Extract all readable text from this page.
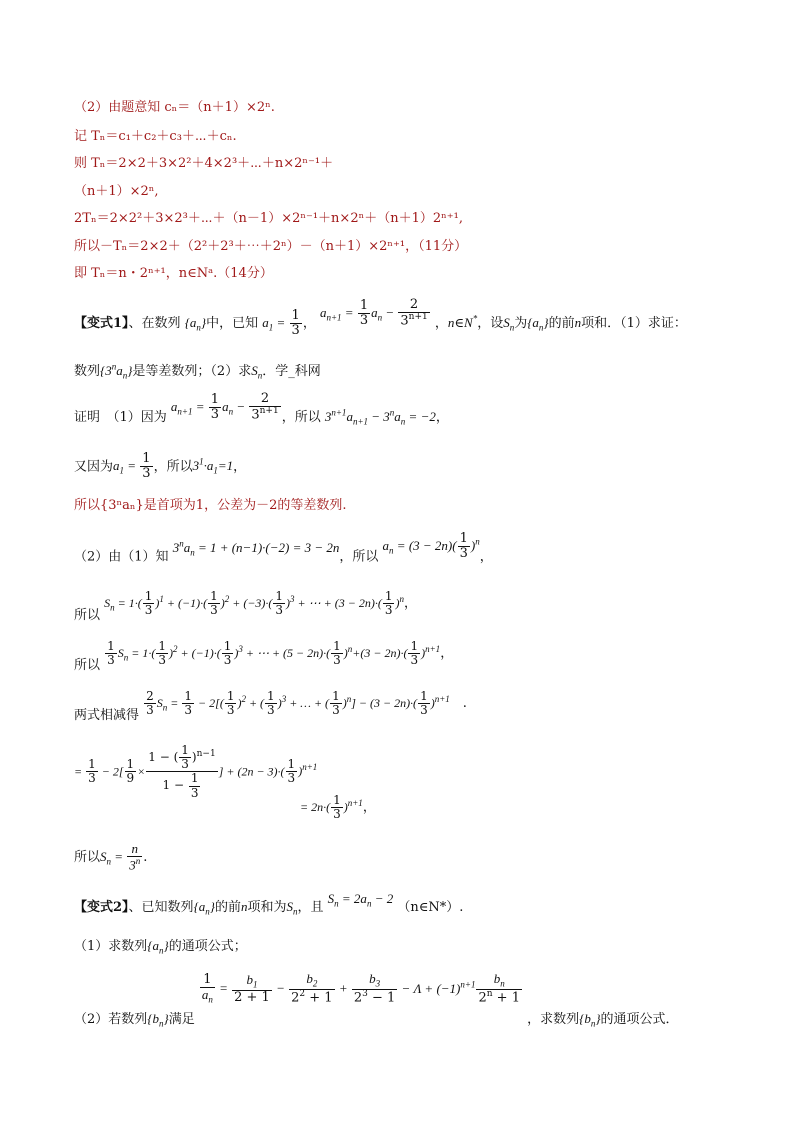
（2）由题意知 cₙ＝（n＋1）×2ⁿ.
记 Tₙ＝c₁＋c₂＋c₃＋⋯＋cₙ.
则 Tₙ＝2×2＋3×2²＋4×2³＋⋯＋n×2ⁿ⁻¹＋
（n＋1）×2ⁿ,
2Tₙ＝2×2²＋3×2³＋⋯＋（n－1）×2ⁿ⁻¹＋n×2ⁿ＋（n＋1）2ⁿ⁺¹,
所以－Tₙ＝2×2＋（2²＋2³＋⋯＋2ⁿ）－（n＋1）×2ⁿ⁺¹，（11分）
即 Tₙ＝n・2ⁿ⁺¹，n∈Nᵃ.（14分）
【变式1】、在数列 $\{a_n\}$中，已知 $a_1 = \frac{1}{3}$ ， $a_{n+1} = \frac{1}{3} a_n - \frac{2}{3^{n+1}}$ ，n∈N*，设$S_n$为$\{a_n\}$的前n项和．（1）求证：
数列$\{3^na_n\}$是等差数列；（2）求$S_n$．学_科网
证明　（1）因为 $a_{n+1} = \frac{1}{3} a_n - \frac{2}{3^{n+1}}$ ，所以 $3^{n+1}a_{n+1} - 3^na_n = -2$，
又因为$a_1 = \frac{1}{3}$ ，所以$3^1\cdot a_1=1$，
所以{3ⁿaₙ}是首项为1，公差为－2的等差数列.
（2）由（1）知 $3^na_n = 1 + (n-1)\cdot(-2) = 3 - 2n$，所以 $a_n = (3 - 2n)( \frac{1}{3} )^n$，
所以 $S_n = 1\cdot( \frac{1}{3} )^1 + (-1)\cdot( \frac{1}{3} )^2 + (-3)\cdot( \frac{1}{3} )^3$ + ⋯ + $(3 - 2n)\cdot( \frac{1}{3} )^n$，
所以 $\frac{1}{3} S_n = 1\cdot( \frac{1}{3} )^2 + (-1)\cdot( \frac{1}{3} )^3$ + ⋯ + $(5 - 2n)\cdot( \frac{1}{3} )^n+(3 - 2n)\cdot( \frac{1}{3} )^{n+1}$，
两式相减得 $\frac{2}{3} S_n = \frac{1}{3} - 2[( \frac{1}{3} )^2$ + ( $\frac{1}{3} )^3$ + … + ( $\frac{1}{3} )^n] - (3 - 2n)\cdot( \frac{1}{3} )^{n+1}$　.
= $\frac{1}{3} - 2[ \frac{1}{9} \times \frac{1 - ( \frac{1}{3} )^{n-1}}{1 - \frac{1}{3}}$ ] + $(2n - 3)\cdot( \frac{1}{3} )^{n+1}$
= $2n\cdot( \frac{1}{3} )^{n+1}$，
所以$S_n = \frac{n}{3^n}$ .
【变式2】、已知数列$\{a_n\}$的前n项和为$S_n$，且 $S_n = 2a_n - 2$ （n∈N*）.
（1）求数列$\{a_n\}$的通项公式；
（2）若数列$\{b_n\}$满足
$\frac{1}{a_n} = \frac{b_1}{2 + 1} - \frac{b_2}{2^2 + 1} + \frac{b_3}{2^3 - 1} - \Lambda + (-1)^{n+1} \frac{b_n}{2^n + 1}$
，求数列$\{b_n\}$的通项公式．
